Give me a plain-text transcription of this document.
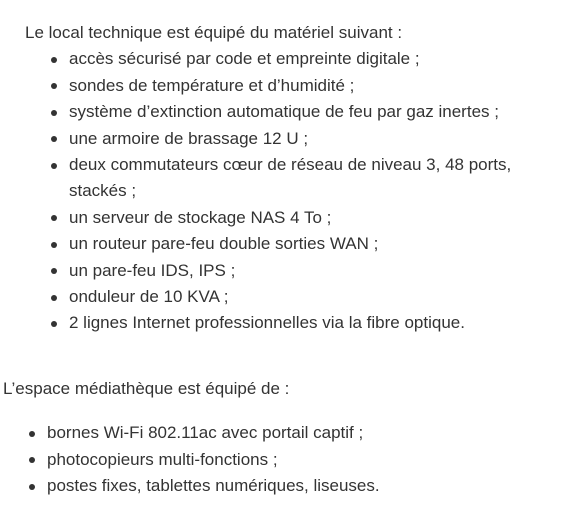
Le local technique est équipé du matériel suivant :

accès sécurisé par code et empreinte digitale ;
sondes de température et d’humidité ;
système d’extinction automatique de feu par gaz inertes ;
une armoire de brassage 12 U ;
deux commutateurs cœur de réseau de niveau 3, 48 ports, stackés ;
un serveur de stockage NAS 4 To ;
un routeur pare-feu double sorties WAN ;
un pare-feu IDS, IPS ;
onduleur de 10 KVA ;
2 lignes Internet professionnelles via la fibre optique.

L’espace médiathèque est équipé de :

bornes Wi-Fi 802.11ac avec portail captif ;
photocopieurs multi-fonctions ;
postes fixes, tablettes numériques, liseuses.
